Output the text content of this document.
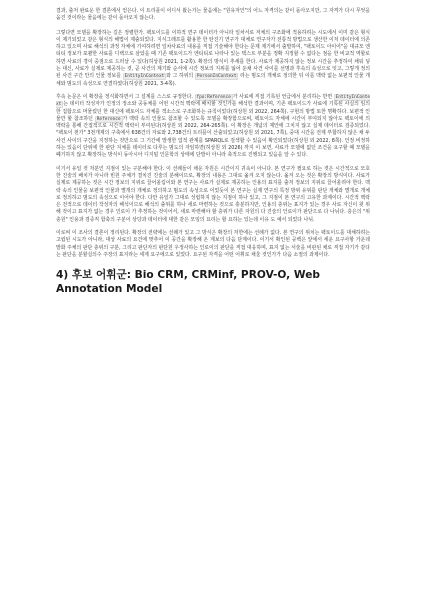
결과, 출처 완료운 한 결론에서 얻은다. 이 트리플이 어디서 왔는가는 물음에는 "원유자인"의 어느 자격의는 같이 돌아오지만, 그 자격가 다시 무엇을 움진 것이라는 물음에는 같이 돌아오지 않는다.

그렇다면 모델을 확장하는 길은 정렬한가. 팩토이드를 이하적 면구 데이터가 아니라 일차서로 저체의 구조화에 적용하려는 시도에서 이미 같은 형식이 제기되었고 같은 형식의 해법이 제출되었다. 지식그래프를 활용한 한 탄진기 연구가 대체로 연구자가 전통적 방법으로 생산한 이처 데이터에 의존하고 있으며 사료 해석의 과정 자체에 기여하려면 일차사료의 내용을 직접 기술해야 한다는 문제 제기에서 출발하여, "팩토이드 아이어"을 대규모 엔티티 정보가 포괄한 사료를 디렉으로 삼았을 때 기존 팩토이드가 엔티티로 나타나 있는 텍스트 부분을 정확 지정할 수 없다는 점을 한 비교적 역할로 하면 사료의 경이 중점으로 드러날 수 있다(허상원 2021, 1-2쪽). 확장의 방식이 추세를 한다. 사료가 제공하지 않는 정보 시간을 추정하여 채워 넣는 대신, 사료가 실제로 제공하는 것, 곧 사건의 계기와 순서에 시간 정보의 지위를 잃어 둔채 사건 사이를 선명과 후속의 속성으로 잇고, 그렇게 정의된 사건 구간 안의 인물 정보를 EntityInContext 와 그 하위의 PersonInContext 라는 범도의 개체로 정의한 뒤 이를 맥락 없는 보편적 인물 개체와 범도의 속성으로 연결하였다(허상원 2021, 3-4쪽).

후속 논문은 이 확장을 정식화하면서 그 설계를 스스로 규정한다. fpo:Reference 가 사료에 직접 기록된 언급에서 분리하는 반면 EntityInContext 는 데이터 작성자가 인정의 정소와 공동체를 어떤 시간적 맥락에 배치할 것인가를 해석한 결과이며, 기존 팩토이드가 사료에 기록된 사실의 임의한 집합으로 머물렀던 한 대신에 팩토이드 자체를 객소스로 구조화하는 규칙이었다(허상원 외 2022, 264쪽). 구현의 방법 또한 명확하다. 보편적 인물만 할 참조하던 Reference 가 맥락 속의 인물도 참조할 수 있도록 모델을 확장함으로써, 팩토이드 자체에 시간이 부여되지 않아도 팩토이에 의 맥락을 통해 간접적으로 시간적 맥락이 부여된다(허상원 외 2022, 264-265쪽). 이 확장은 개념의 제안에 그치지 않고 실제 데이터로 검증되었다. "팩토이 천가" 3천개제의 구축예서 638건의 자료와 2,738건의 트리플이 산출되었고(허상원 외 2021, 7쪽), 중대 시간을 전제 부합하지 않은 채 두 사건 사이의 구간을 지정하는 것만으로 그 기간에 발생한 업적 관계를 SPARQL로 검색할 수 있음이 확인되었다(허상원 외 2022, 8쪽). 인정 비정하하는 있음이 단위에 한 판단 지체를 데이터로 다루는 범도의 자임하면(허상원 외 2026) 까지 이 보면, 사료가 모델에 없던 조건을 요구할 때 모델을 폐기하지 않고 확장하는 방식이 동아시아 디지털 인문학의 상태에 단발이 아니라 축적으로 진행되고 있음을 알 수 있다.

이기서 유일 것 처분인 지점이 있는 구분해야 한다. 이 선례들이 채운 자원은 시간이지 귀속이 아니다. 본 연구가 필요로 하는 것은 시간적으로 모호한 진술의 배치가 아니라 빈원 주체가 결치진 진술의 분해이므로, 확장의 내용은 그대로 옮겨 오지 않는다. 옮겨 오는 것은 확장의 방식이다. 사료가 실제로 제공하는 것은 시간 정보의 지위로 끌어올림이와 본 연구는 사료가 실제로 제공하는 인용의 표지를 출처 정보의 지위로 끌어올려야 한다. 맥락 속의 인물을 보편적 인물과 별개의 개체로 정의하고 범도의 속성으로 이었듯이 본 연구는 실제 연구의 특정 방위 유위를 판단 개체와 별개로 개체로 정의하고 범도의 속성으로 이어야 한다. 다만 유일가 그대로 성립하지 않는 지점이 하나 있고, 그 지점이 본 연구의 고유한 과제이다. 시간적 맥락은 전적으로 데이터 작성자의 해석이므로 해석의 출위를 하나 새로 마련하는 것으로 충분하지만, 인용의 층위는 표지가 있는 경우 사로 자신이 윗 위해 것이고 표지가 없는 경우 인로이 가 추정하는 것이어서, 새로 마련해야 할 층위가 다른 자원의 다 진술의 인로이가 판단으로 다 나뉘다. 층은의 "위층원" 인용과 검증직 함축의 구분이 상당과 데이터에 대한 같은 모임의 요리는 할 요하는 있는데 이유 도 예서 되었다 나뉘.

이로써 이 조사의 결론이 정리된다. 확장의 전략에는 선례가 있고 그 방식은 확장의 처한에는 선례가 없다. 본 연구의 위치는 팩토이드를 대체하려는 고립된 시도가 아니라, 대상 사료의 요건에 맞추어 이 공간을 확장해 온 계보의 다음 단계이다. 이기서 확인된 공백은 앞에서 세운 요구사항 가운데 발화 주체의 판단 층위의 구분, 그리고 판단자의 판단원 우정사하는 인로이의 판단을 직접 대응하며, 표지 없는 서술을 비판된 채로 직접 자기가 같다는 판단을 분할실의수 주장의 표지라는 세계 요구에으로 있었다. 요구된 자격을 어떤 어휘로 채울 것인가가 다음 소절의 과제이다.

4) 후보 어휘군: Bio CRM, CRMinf, PROV-O, Web Annotation Model
